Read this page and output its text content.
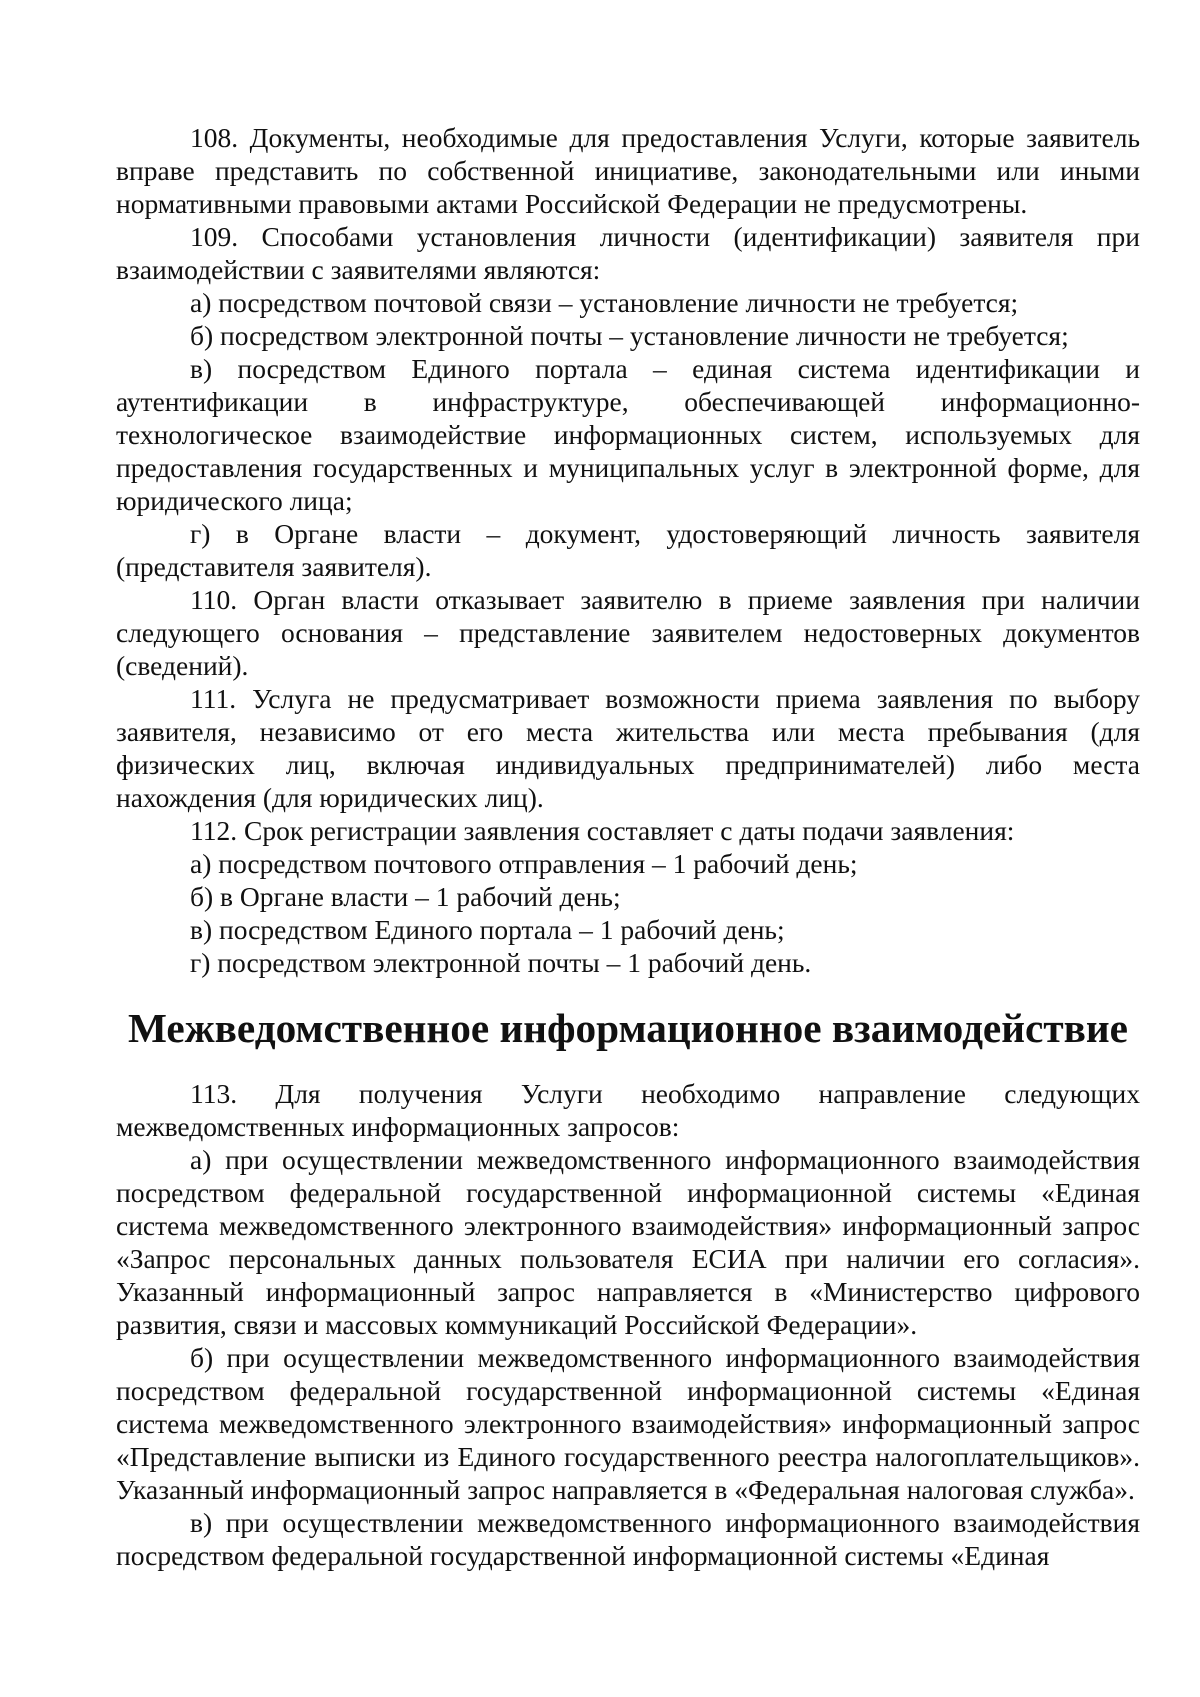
108. Документы, необходимые для предоставления Услуги, которые заявитель вправе представить по собственной инициативе, законодательными или иными нормативными правовыми актами Российской Федерации не предусмотрены.

109. Способами установления личности (идентификации) заявителя при взаимодействии с заявителями являются:

а) посредством почтовой связи – установление личности не требуется;

б) посредством электронной почты – установление личности не требуется;

в) посредством Единого портала – единая система идентификации и аутентификации в инфраструктуре, обеспечивающей информационно-технологическое взаимодействие информационных систем, используемых для предоставления государственных и муниципальных услуг в электронной форме, для юридического лица;

г) в Органе власти – документ, удостоверяющий личность заявителя (представителя заявителя).

110. Орган власти отказывает заявителю в приеме заявления при наличии следующего основания – представление заявителем недостоверных документов (сведений).

111. Услуга не предусматривает возможности приема заявления по выбору заявителя, независимо от его места жительства или места пребывания (для физических лиц, включая индивидуальных предпринимателей) либо места нахождения (для юридических лиц).

112. Срок регистрации заявления составляет с даты подачи заявления:

а) посредством почтового отправления – 1 рабочий день;

б) в Органе власти – 1 рабочий день;

в) посредством Единого портала – 1 рабочий день;

г) посредством электронной почты – 1 рабочий день.

Межведомственное информационное взаимодействие

113. Для получения Услуги необходимо направление следующих межведомственных информационных запросов:

а) при осуществлении межведомственного информационного взаимодействия посредством федеральной государственной информационной системы «Единая система межведомственного электронного взаимодействия» информационный запрос «Запрос персональных данных пользователя ЕСИА при наличии его согласия». Указанный информационный запрос направляется в «Министерство цифрового развития, связи и массовых коммуникаций Российской Федерации».

б) при осуществлении межведомственного информационного взаимодействия посредством федеральной государственной информационной системы «Единая система межведомственного электронного взаимодействия» информационный запрос «Представление выписки из Единого государственного реестра налогоплательщиков». Указанный информационный запрос направляется в «Федеральная налоговая служба».

в) при осуществлении межведомственного информационного взаимодействия посредством федеральной государственной информационной системы «Единая
